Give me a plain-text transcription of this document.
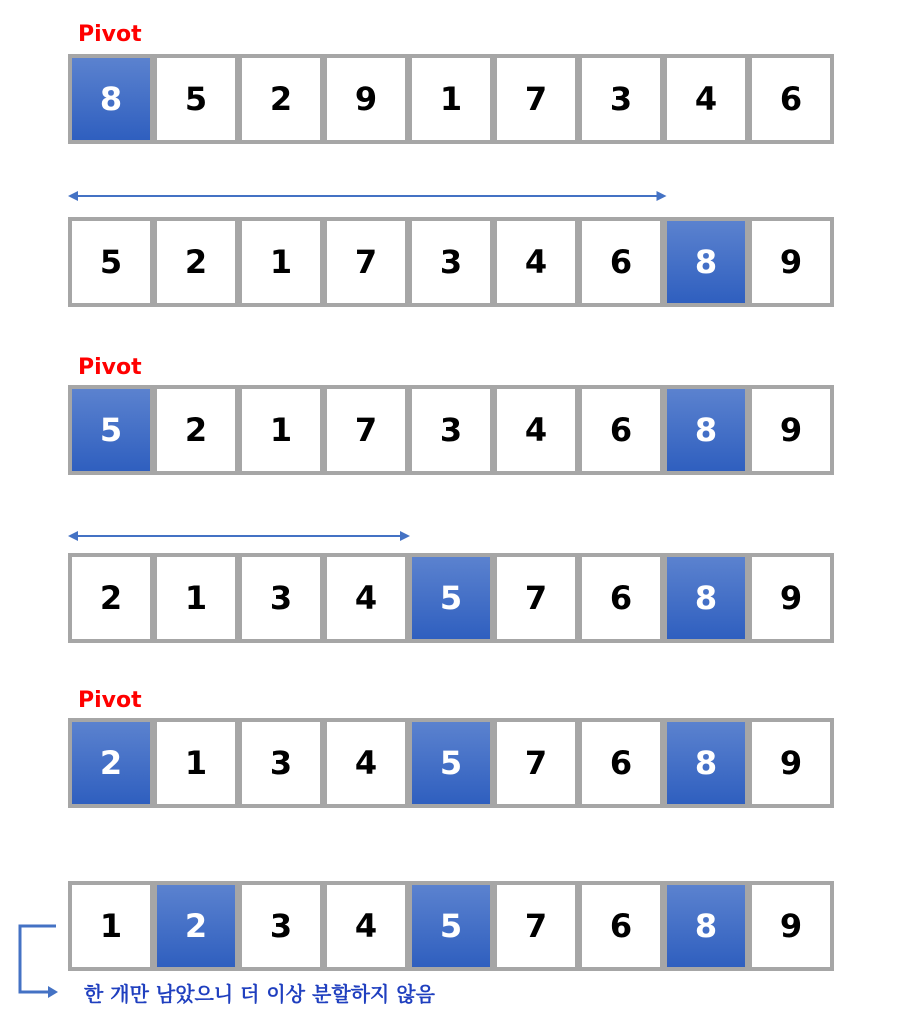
8	5	2	9	1	7	3	4	6
Pivot
5	2	1	7	3	4	6	8	9
5	2	1	7	3	4	6	8	9
Pivot
2	1	3	4	5	7	6	8	9
2	1	3	4	5	7	6	8	9
Pivot
1	2	3	4	5	7	6	8	9
한 개만 남았으니 더 이상 분할하지 않음
